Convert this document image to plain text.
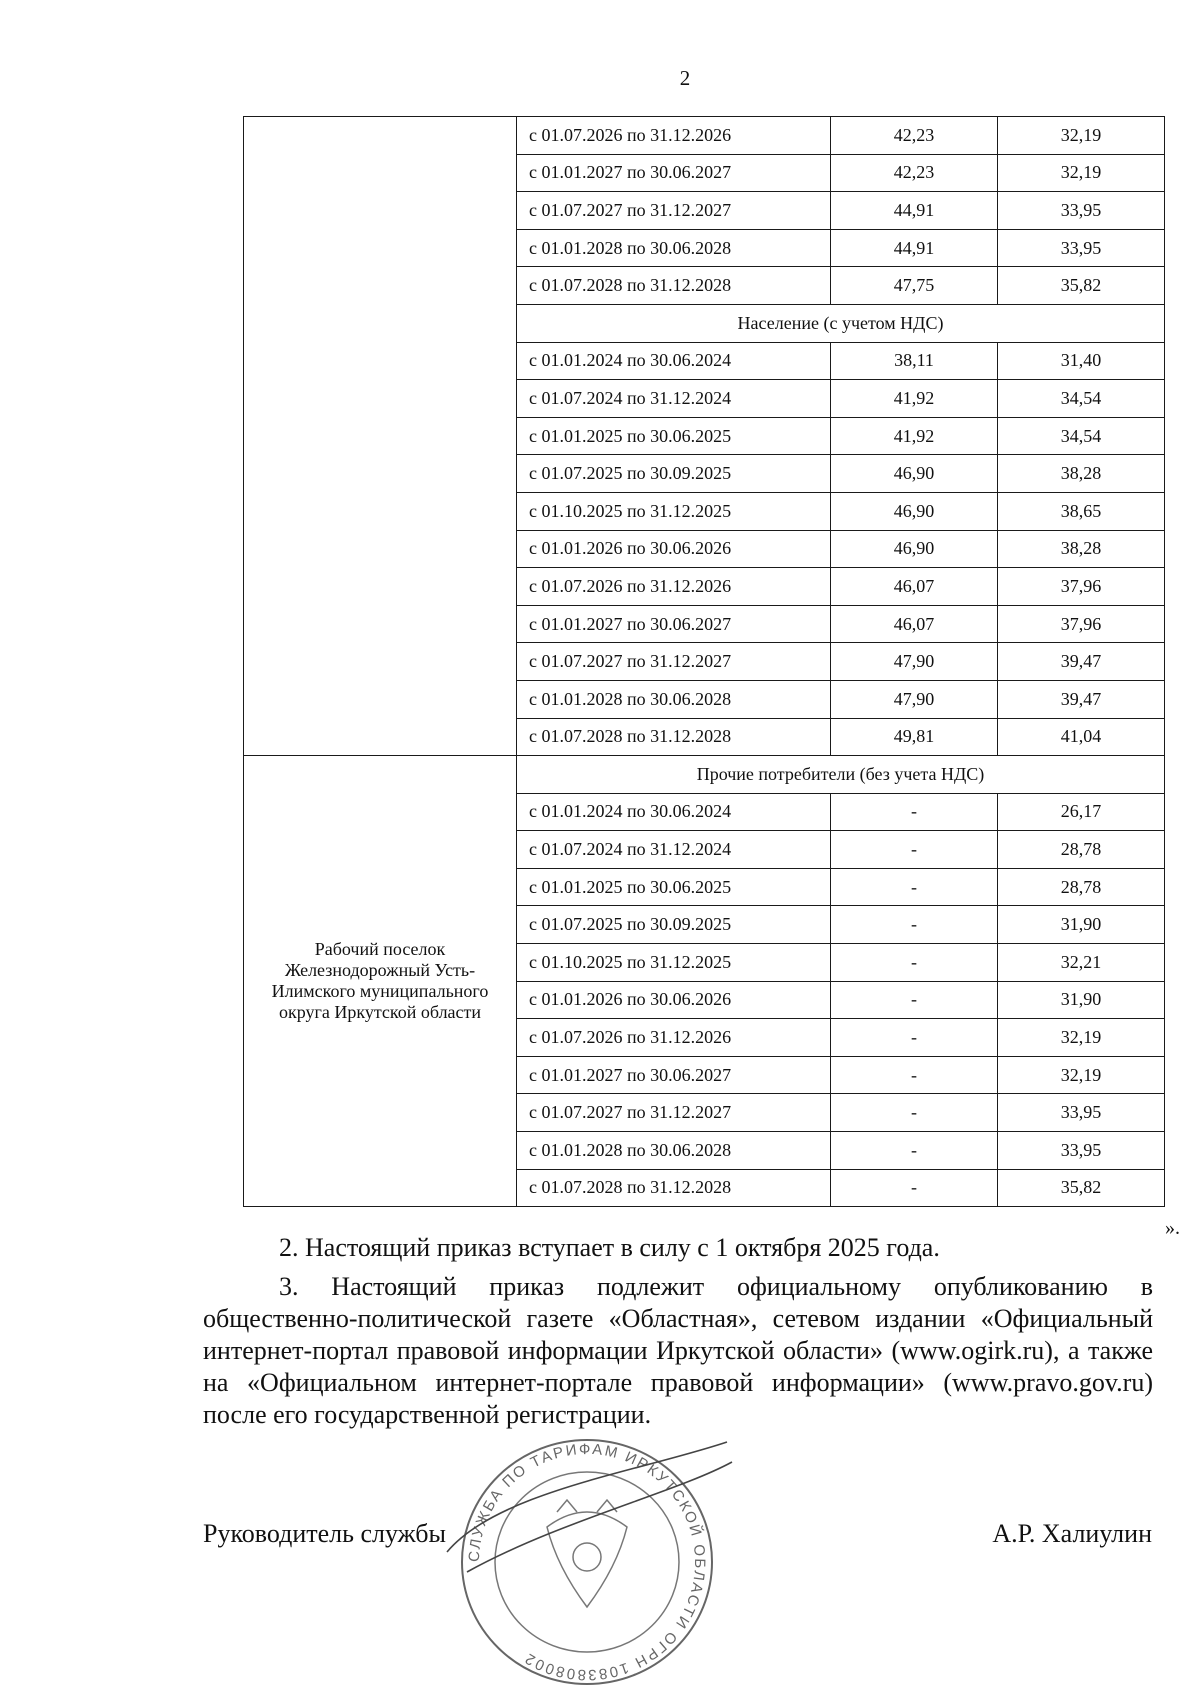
2
	с 01.07.2026 по 31.12.2026	42,23	32,19
	с 01.01.2027 по 30.06.2027	42,23	32,19
	с 01.07.2027 по 31.12.2027	44,91	33,95
	с 01.01.2028 по 30.06.2028	44,91	33,95
	с 01.07.2028 по 31.12.2028	47,75	35,82
	Население (с учетом НДС)		
	с 01.01.2024 по 30.06.2024	38,11	31,40
	с 01.07.2024 по 31.12.2024	41,92	34,54
	с 01.01.2025 по 30.06.2025	41,92	34,54
	с 01.07.2025 по 30.09.2025	46,90	38,28
	с 01.10.2025 по 31.12.2025	46,90	38,65
	с 01.01.2026 по 30.06.2026	46,90	38,28
	с 01.07.2026 по 31.12.2026	46,07	37,96
	с 01.01.2027 по 30.06.2027	46,07	37,96
	с 01.07.2027 по 31.12.2027	47,90	39,47
	с 01.01.2028 по 30.06.2028	47,90	39,47
	с 01.07.2028 по 31.12.2028	49,81	41,04
Рабочий поселок Железнодорожный Усть-Илимского муниципального округа Иркутской области	Прочие потребители (без учета НДС)		
	с 01.01.2024 по 30.06.2024	-	26,17
	с 01.07.2024 по 31.12.2024	-	28,78
	с 01.01.2025 по 30.06.2025	-	28,78
	с 01.07.2025 по 30.09.2025	-	31,90
	с 01.10.2025 по 31.12.2025	-	32,21
	с 01.01.2026 по 30.06.2026	-	31,90
	с 01.07.2026 по 31.12.2026	-	32,19
	с 01.01.2027 по 30.06.2027	-	32,19
	с 01.07.2027 по 31.12.2027	-	33,95
	с 01.01.2028 по 30.06.2028	-	33,95
	с 01.07.2028 по 31.12.2028	-	35,82
».
2. Настоящий приказ вступает в силу с 1 октября 2025 года.
3. Настоящий приказ подлежит официальному опубликованию в общественно-политической газете «Областная», сетевом издании «Официальный интернет-портал правовой информации Иркутской области» (www.ogirk.ru), а также на «Официальном интернет-портале правовой информации» (www.pravo.gov.ru) после его государственной регистрации.
СЛУЖБА ПО ТАРИФАМ ИРКУТСКОЙ ОБЛАСТИ ОГРН 1083808002
Руководитель службы	А.Р. Халиулин
